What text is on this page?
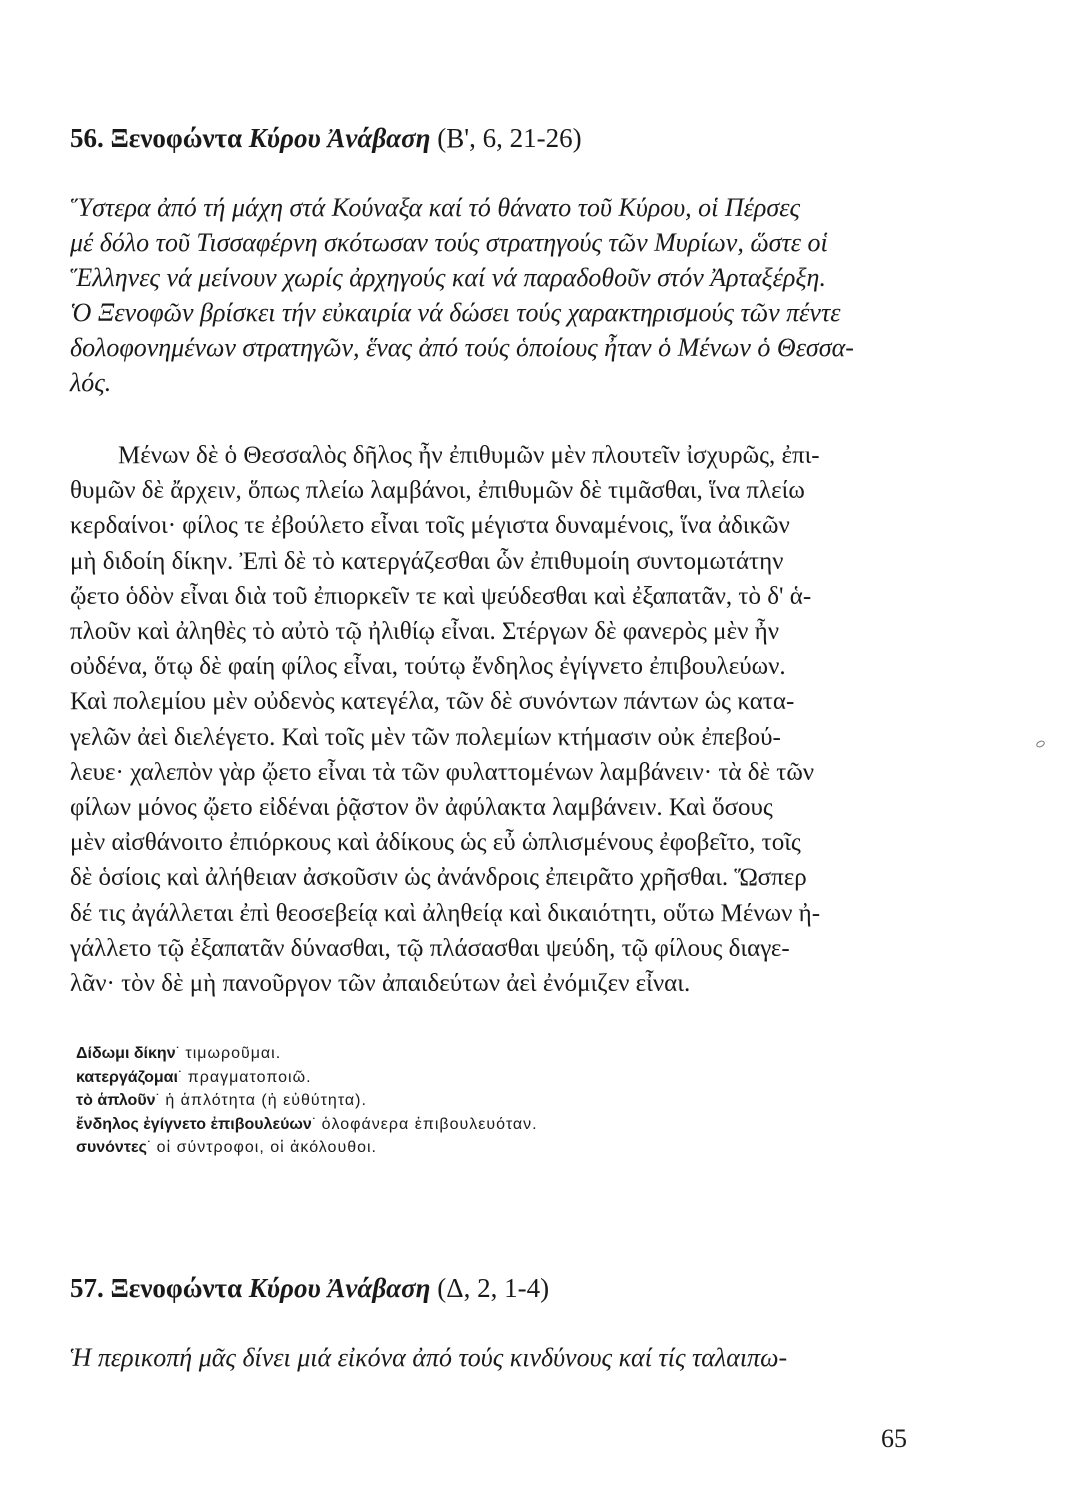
56. Ξενοφώντα Κύρου Ἀνάβαση (Β', 6, 21-26)
Ὕστερα ἀπό τή μάχη στά Κούναξα καί τό θάνατο τοῦ Κύρου, οἱ Πέρσες
μέ δόλο τοῦ Τισσαφέρνη σκότωσαν τούς στρατηγούς τῶν Μυρίων, ὥστε οἱ
Ἕλληνες νά μείνουν χωρίς ἀρχηγούς καί νά παραδοθοῦν στόν Ἀρταξέρξη.
Ὁ Ξενοφῶν βρίσκει τήν εὐκαιρία νά δώσει τούς χαρακτηρισμούς τῶν πέντε
δολοφονημένων στρατηγῶν, ἕνας ἀπό τούς ὁποίους ἦταν ὁ Μένων ὁ Θεσσα-
λός.
Μένων δὲ ὁ Θεσσαλὸς δῆλος ἦν ἐπιθυμῶν μὲν πλουτεῖν ἰσχυρῶς, ἐπι-
θυμῶν δὲ ἄρχειν, ὅπως πλείω λαμβάνοι, ἐπιθυμῶν δὲ τιμᾶσθαι, ἵνα πλείω
κερδαίνοι· φίλος τε ἐβούλετο εἶναι τοῖς μέγιστα δυναμένοις, ἵνα ἀδικῶν
μὴ διδοίη δίκην. Ἐπὶ δὲ τὸ κατεργάζεσθαι ὧν ἐπιθυμοίη συντομωτάτην
ᾤετο ὁδὸν εἶναι διὰ τοῦ ἐπιορκεῖν τε καὶ ψεύδεσθαι καὶ ἐξαπατᾶν, τὸ δ' ἁ-
πλοῦν καὶ ἀληθὲς τὸ αὐτὸ τῷ ἠλιθίῳ εἶναι. Στέργων δὲ φανερὸς μὲν ἦν
οὐδένα, ὅτῳ δὲ φαίη φίλος εἶναι, τούτῳ ἔνδηλος ἐγίγνετο ἐπιβουλεύων.
Καὶ πολεμίου μὲν οὐδενὸς κατεγέλα, τῶν δὲ συνόντων πάντων ὡς κατα-
γελῶν ἀεὶ διελέγετο. Καὶ τοῖς μὲν τῶν πολεμίων κτήμασιν οὐκ ἐπεβού-
λευε· χαλεπὸν γὰρ ᾤετο εἶναι τὰ τῶν φυλαττομένων λαμβάνειν· τὰ δὲ τῶν
φίλων μόνος ᾤετο εἰδέναι ῥᾷστον ὂν ἀφύλακτα λαμβάνειν. Καὶ ὅσους
μὲν αἰσθάνοιτο ἐπιόρκους καὶ ἀδίκους ὡς εὖ ὡπλισμένους ἐφοβεῖτο, τοῖς
δὲ ὁσίοις καὶ ἀλήθειαν ἀσκοῦσιν ὡς ἀνάνδροις ἐπειρᾶτο χρῆσθαι. Ὥσπερ
δέ τις ἀγάλλεται ἐπὶ θεοσεβείᾳ καὶ ἀληθείᾳ καὶ δικαιότητι, οὕτω Μένων ἠ-
γάλλετο τῷ ἐξαπατᾶν δύνασθαι, τῷ πλάσασθαι ψεύδη, τῷ φίλους διαγε-
λᾶν· τὸν δὲ μὴ πανοῦργον τῶν ἀπαιδεύτων ἀεὶ ἐνόμιζεν εἶναι.
Δίδωμι δίκην˙ τιμωροῦμαι.
κατεργάζομαι˙ πραγματοποιῶ.
τὸ ἁπλοῦν˙ ἡ ἁπλότητα (ἡ εὐθύτητα).
ἔνδηλος ἐγίγνετο ἐπιβουλεύων˙ ὁλοφάνερα ἐπιβουλευόταν.
συνόντες˙ οἱ σύντροφοι, οἱ ἀκόλουθοι.
57. Ξενοφώντα Κύρου Ἀνάβαση (Δ, 2, 1-4)
Ἡ περικοπή μᾶς δίνει μιά εἰκόνα ἀπό τούς κινδύνους καί τίς ταλαιπω-
65
